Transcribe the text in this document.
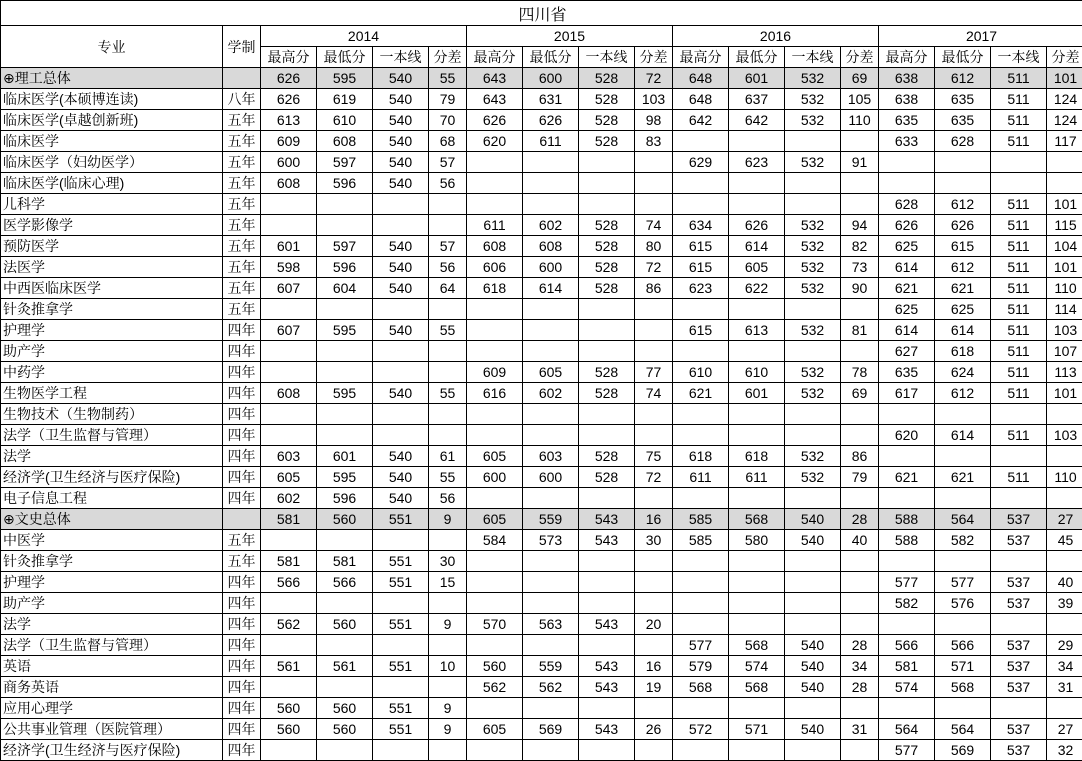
四川省																	
专业	学制	2014				2015				2016				2017			
		最高分	最低分	一本线	分差	最高分	最低分	一本线	分差	最高分	最低分	一本线	分差	最高分	最低分	一本线	分差
⊕理工总体		626	595	540	55	643	600	528	72	648	601	532	69	638	612	511	101
临床医学(本硕博连读)	八年	626	619	540	79	643	631	528	103	648	637	532	105	638	635	511	124
临床医学(卓越创新班)	五年	613	610	540	70	626	626	528	98	642	642	532	110	635	635	511	124
临床医学	五年	609	608	540	68	620	611	528	83					633	628	511	117
临床医学（妇幼医学）	五年	600	597	540	57					629	623	532	91				
临床医学(临床心理)	五年	608	596	540	56												
儿科学	五年													628	612	511	101
医学影像学	五年					611	602	528	74	634	626	532	94	626	626	511	115
预防医学	五年	601	597	540	57	608	608	528	80	615	614	532	82	625	615	511	104
法医学	五年	598	596	540	56	606	600	528	72	615	605	532	73	614	612	511	101
中西医临床医学	五年	607	604	540	64	618	614	528	86	623	622	532	90	621	621	511	110
针灸推拿学	五年													625	625	511	114
护理学	四年	607	595	540	55					615	613	532	81	614	614	511	103
助产学	四年													627	618	511	107
中药学	四年					609	605	528	77	610	610	532	78	635	624	511	113
生物医学工程	四年	608	595	540	55	616	602	528	74	621	601	532	69	617	612	511	101
生物技术（生物制药）	四年																
法学（卫生监督与管理）	四年													620	614	511	103
法学	四年	603	601	540	61	605	603	528	75	618	618	532	86				
经济学(卫生经济与医疗保险)	四年	605	595	540	55	600	600	528	72	611	611	532	79	621	621	511	110
电子信息工程	四年	602	596	540	56												
⊕文史总体		581	560	551	9	605	559	543	16	585	568	540	28	588	564	537	27
中医学	五年					584	573	543	30	585	580	540	40	588	582	537	45
针灸推拿学	五年	581	581	551	30												
护理学	四年	566	566	551	15									577	577	537	40
助产学	四年													582	576	537	39
法学	四年	562	560	551	9	570	563	543	20								
法学（卫生监督与管理）	四年									577	568	540	28	566	566	537	29
英语	四年	561	561	551	10	560	559	543	16	579	574	540	34	581	571	537	34
商务英语	四年					562	562	543	19	568	568	540	28	574	568	537	31
应用心理学	四年	560	560	551	9												
公共事业管理（医院管理）	四年	560	560	551	9	605	569	543	26	572	571	540	31	564	564	537	27
经济学(卫生经济与医疗保险)	四年													577	569	537	32
